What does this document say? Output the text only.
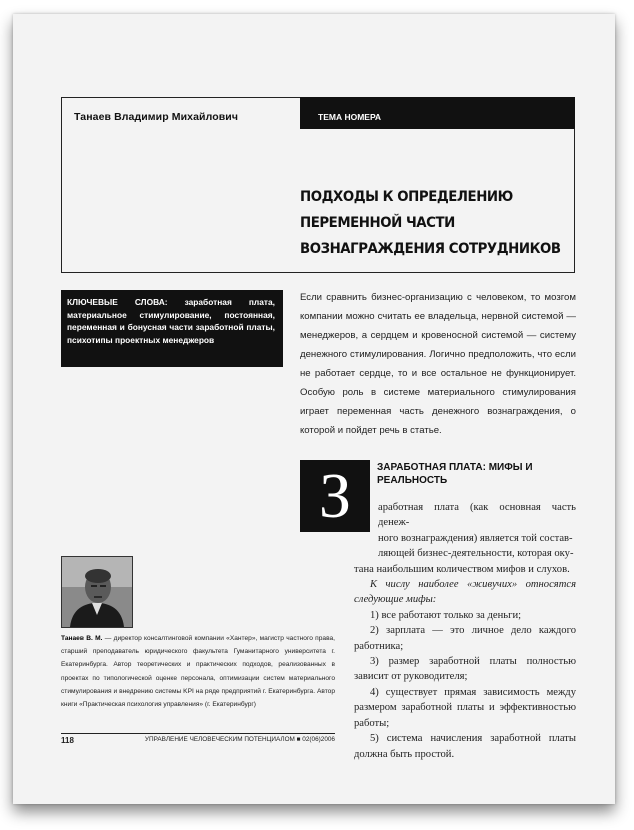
Танаев Владимир Михайлович	ТЕМА НОМЕРА
ПОДХОДЫ К ОПРЕДЕЛЕНИЮ
ПЕРЕМЕННОЙ ЧАСТИ
ВОЗНАГРАЖДЕНИЯ СОТРУДНИКОВ
КЛЮЧЕВЫЕ СЛОВА: заработная плата, материальное стимулирование, постоянная, переменная и бонусная части заработной платы, психотипы проектных менеджеров
Если сравнить бизнес-организацию с человеком, то мозгом компании можно считать ее владельца, нервной системой — менеджеров, а сердцем и кровеносной системой — систему денежного стимулирования. Логично предположить, что если не работает сердце, то и все остальное не функционирует. Особую роль в системе материального стимулирования играет переменная часть денежного вознаграждения, о которой и пойдет речь в статье.
З	ЗАРАБОТНАЯ ПЛАТА: МИФЫ И РЕАЛЬНОСТЬ

аработная плата (как основная часть денеж-

ного вознаграждения) является той состав-

ляющей бизнес-деятельности, которая оку-

тана наибольшим количеством мифов и слухов.

К числу наиболее «живучих» относятся следующие мифы:

1) все работают только за деньги;

2) зарплата — это личное дело каждого работника;

3) размер заработной платы полностью зависит от руководителя;

4) существует прямая зависимость между размером заработной платы и эффективностью работы;

5) система начисления заработной платы должна быть простой.

Танаев В. М. — директор консалтинговой компании «Хантер», магистр частного права, старший преподаватель юридического факультета Гуманитарного университета г. Екатеринбурга. Автор теоретических и практических подходов, реализованных в проектах по типологической оценке персонала, оптимизации систем материального стимулирования и внедрению системы KPI на ряде предприятий г. Екатеринбурга. Автор книги «Практическая психология управления» (г. Екатеринбург)
118	УПРАВЛЕНИЕ ЧЕЛОВЕЧЕСКИМ ПОТЕНЦИАЛОМ ■ 02(06)2006
